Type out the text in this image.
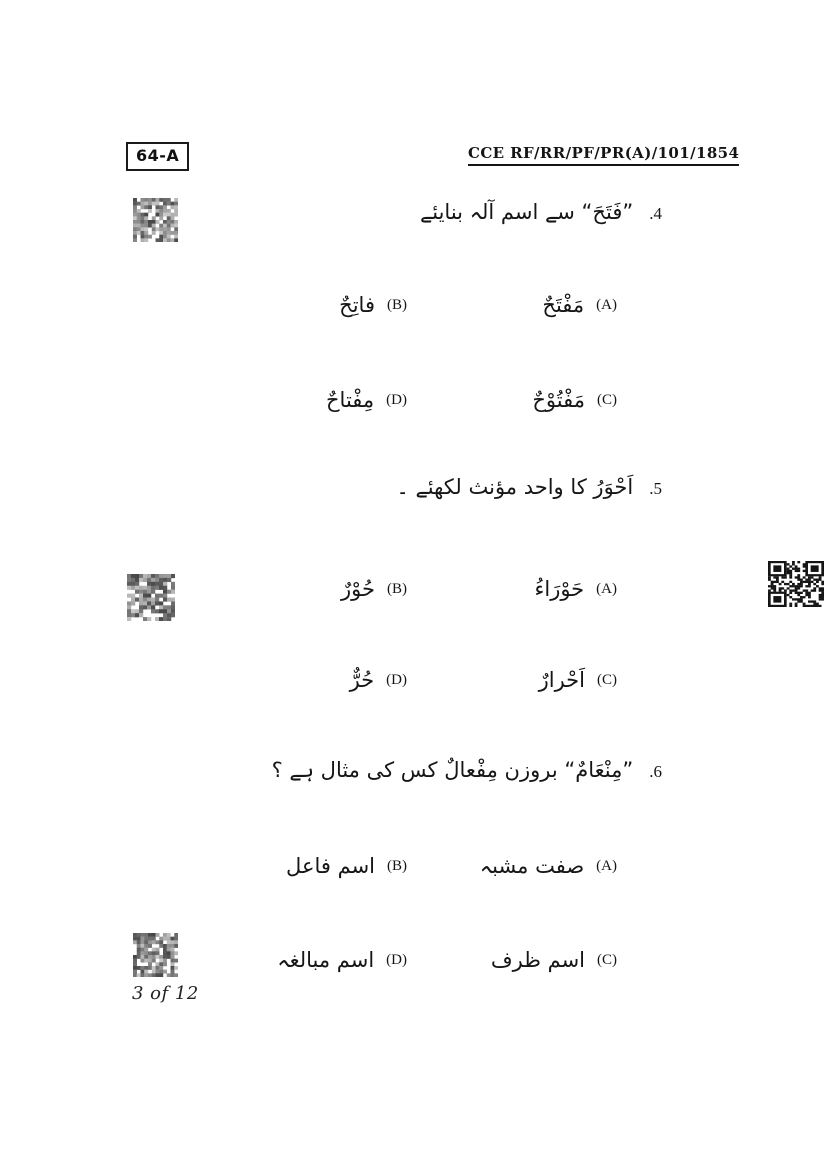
64-A	CCE RF/RR/PF/PR(A)/101/1854
4.
”فَتَحَ“ سے اسم آلہ بنایئے
(A)
مَفْتَحٌ
(B)
فاتِحٌ
(C)
مَفْتُوْحٌ
(D)
مِفْتاحٌ
5.
اَحْوَرُ کا واحد مؤنث لکھئے ۔
(A)
حَوْرَاءُ
(B)
حُوْرٌ
(C)
اَحْرارٌ
(D)
حُرٌّ
6.
”مِنْعَامٌ“ بروزن مِفْعالٌ کس کی مثال ہے ؟
(A)
صفت مشبہ
(B)
اسم فاعل
(C)
اسم ظرف
(D)
اسم مبالغہ
3 of 12
